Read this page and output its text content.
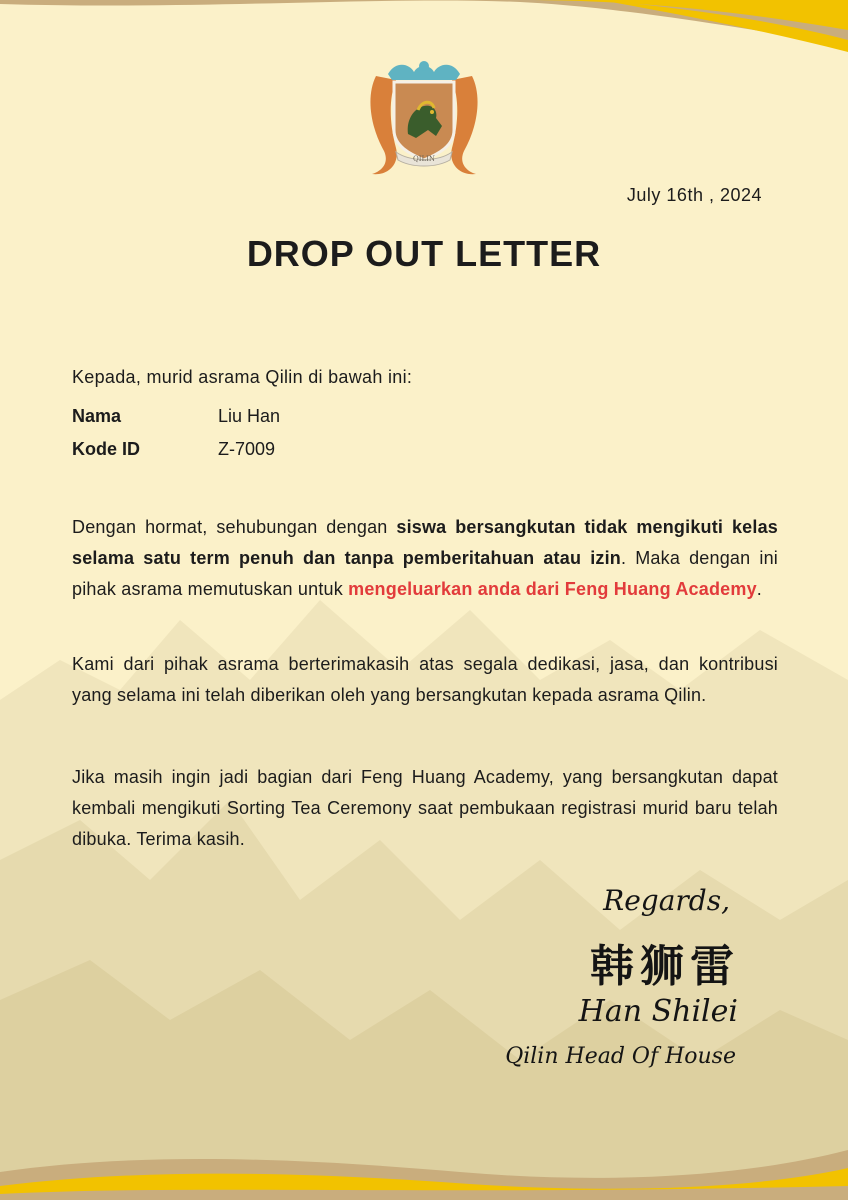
QILIN
July 16th , 2024
DROP OUT LETTER
Kepada, murid asrama Qilin di bawah ini:
Nama	Liu Han
Kode ID	Z-7009
Dengan hormat, sehubungan dengan siswa bersangkutan tidak mengikuti kelas selama satu term penuh dan tanpa pemberitahuan atau izin. Maka dengan ini pihak asrama memutuskan untuk mengeluarkan anda dari Feng Huang Academy.
Kami dari pihak asrama berterimakasih atas segala dedikasi, jasa, dan kontribusi yang selama ini telah diberikan oleh yang bersangkutan kepada asrama Qilin.
Jika masih ingin jadi bagian dari Feng Huang Academy, yang bersangkutan dapat kembali mengikuti Sorting Tea Ceremony saat pembukaan registrasi murid baru telah dibuka. Terima kasih.
Regards,
韩狮雷
Han Shilei
Qilin Head Of House
